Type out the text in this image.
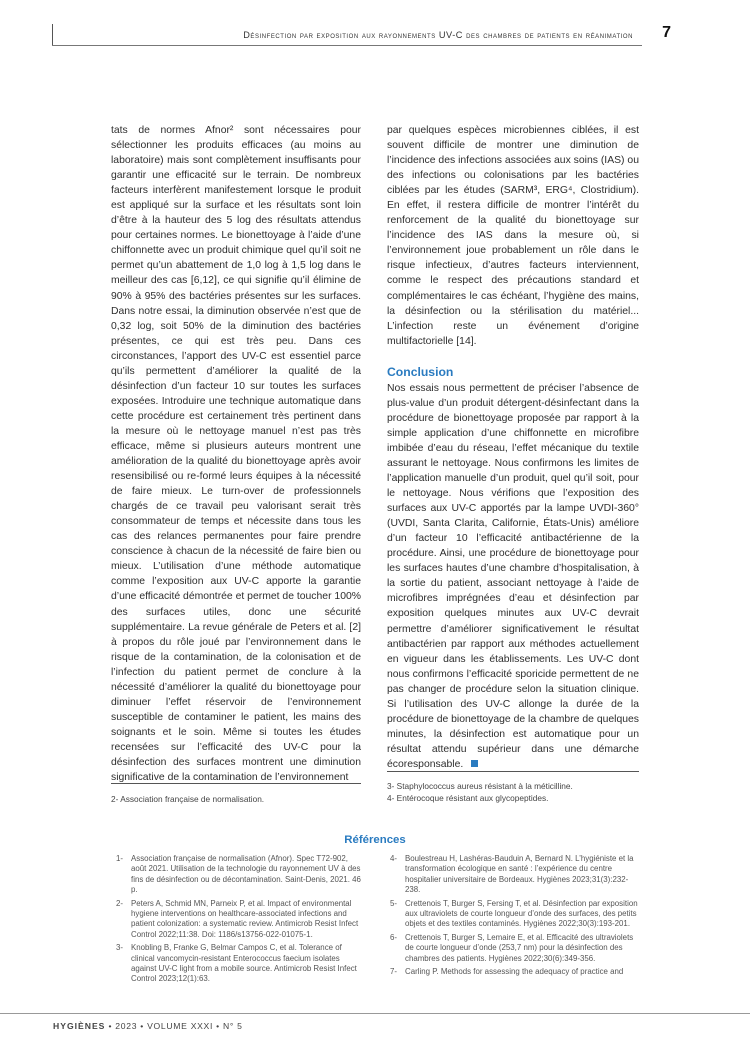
Désinfection par exposition aux rayonnements UV-C des chambres de patients en réanimation 7

tats de normes Afnor² sont nécessaires pour sélectionner les produits efficaces (au moins au laboratoire) mais sont complètement insuffisants pour garantir une efficacité sur le terrain. De nombreux facteurs interfèrent manifestement lorsque le produit est appliqué sur la surface et les résultats sont loin d’être à la hauteur des 5 log des résultats attendus pour certaines normes. Le bionettoyage à l’aide d’une chiffonnette avec un produit chimique quel qu’il soit ne permet qu’un abattement de 1,0 log à 1,5 log dans le meilleur des cas [6,12], ce qui signifie qu’il élimine de 90% à 95% des bactéries présentes sur les surfaces. Dans notre essai, la diminution observée n’est que de 0,32 log, soit 50% de la diminution des bactéries présentes, ce qui est très peu. Dans ces circonstances, l’apport des UV-C est essentiel parce qu’ils permettent d’améliorer la qualité de la désinfection d’un facteur 10 sur toutes les surfaces exposées. Introduire une technique automatique dans cette procédure est certainement très pertinent dans la mesure où le nettoyage manuel n’est pas très efficace, même si plusieurs auteurs montrent une amélioration de la qualité du bionettoyage après avoir resensibilisé ou re-formé leurs équipes à la nécessité de faire mieux. Le turn-over de professionnels chargés de ce travail peu valorisant serait très consommateur de temps et nécessite dans tous les cas des relances permanentes pour faire prendre conscience à chacun de la nécessité de faire bien ou mieux. L’utilisation d’une méthode automatique comme l’exposition aux UV-C apporte la garantie d’une efficacité démontrée et permet de toucher 100% des surfaces utiles, donc une sécurité supplémentaire. La revue générale de Peters et al. [2] à propos du rôle joué par l’environnement dans le risque de la contamination, de la colonisation et de l’infection du patient permet de conclure à la nécessité d’améliorer la qualité du bionettoyage pour diminuer l’effet réservoir de l’environnement susceptible de contaminer le patient, les mains des soignants et le soin. Même si toutes les études recensées sur l’efficacité des UV-C pour la désinfection des surfaces montrent une diminution significative de la contamination de l’environnement

par quelques espèces microbiennes ciblées, il est souvent difficile de montrer une diminution de l’incidence des infections associées aux soins (IAS) ou des infections ou colonisations par les bactéries ciblées par les études (SARM³, ERG⁴, Clostridium). En effet, il restera difficile de montrer l’intérêt du renforcement de la qualité du bionettoyage sur l’incidence des IAS dans la mesure où, si l’environnement joue probablement un rôle dans le risque infectieux, d’autres facteurs interviennent, comme le respect des précautions standard et complémentaires le cas échéant, l’hygiène des mains, la désinfection ou la stérilisation du matériel... L’infection reste un événement d’origine multifactorielle [14].

Conclusion

Nos essais nous permettent de préciser l’absence de plus-value d’un produit détergent-désinfectant dans la procédure de bionettoyage proposée par rapport à la simple application d’une chiffonnette en microfibre imbibée d’eau du réseau, l’effet mécanique du textile assurant le nettoyage. Nous confirmons les limites de l’application manuelle d’un produit, quel qu’il soit, pour le nettoyage. Nous vérifions que l’exposition des surfaces aux UV-C apportés par la lampe UVDI-360° (UVDI, Santa Clarita, Californie, États-Unis) améliore d’un facteur 10 l’efficacité antibactérienne de la procédure. Ainsi, une procédure de bionettoyage pour les surfaces hautes d’une chambre d’hospitalisation, à la sortie du patient, associant nettoyage à l’aide de microfibres imprégnées d’eau et désinfection par exposition quelques minutes aux UV-C devrait permettre d’améliorer significativement le résultat antibactérien par rapport aux méthodes actuellement en vigueur dans les établissements. Les UV-C dont nous confirmons l’efficacité sporicide permettent de ne pas changer de procédure selon la situation clinique. Si l’utilisation des UV-C allonge la durée de la procédure de bionettoyage de la chambre de quelques minutes, la désinfection est automatique pour un résultat attendu supérieur dans une démarche écoresponsable.

2- Association française de normalisation.
3- Staphylococcus aureus résistant à la méticilline.
4- Entérocoque résistant aux glycopeptides.
Références
1-	Association française de normalisation (Afnor). Spec T72-902, août 2021. Utilisation de la technologie du rayonnement UV à des fins de désinfection ou de décontamination. Saint-Denis, 2021. 46 p.
2-	Peters A, Schmid MN, Parneix P, et al. Impact of environmental hygiene interventions on healthcare-associated infections and patient colonization: a systematic review. Antimicrob Resist Infect Control 2022;11:38. Doi: 1186/s13756-022-01075-1.
3-	Knobling B, Franke G, Belmar Campos C, et al. Tolerance of clinical vancomycin-resistant Enterococcus faecium isolates against UV-C light from a mobile source. Antimicrob Resist Infect Control 2023;12(1):63.
4-	Boulestreau H, Lashéras-Bauduin A, Bernard N. L’hygiéniste et la transformation écologique en santé : l’expérience du centre hospitalier universitaire de Bordeaux. Hygiènes 2023;31(3):232-238.
5-	Crettenois T, Burger S, Fersing T, et al. Désinfection par exposition aux ultraviolets de courte longueur d’onde des surfaces, des petits objets et des textiles contaminés. Hygiènes 2022;30(3):193-201.
6-	Crettenois T, Burger S, Lemaire E, et al. Efficacité des ultraviolets de courte longueur d’onde (253,7 nm) pour la désinfection des chambres des patients. Hygiènes 2022;30(6):349-356.
7-	Carling P. Methods for assessing the adequacy of practice and
HYGIÈNES • 2023 • VOLUME XXXI • N° 5
